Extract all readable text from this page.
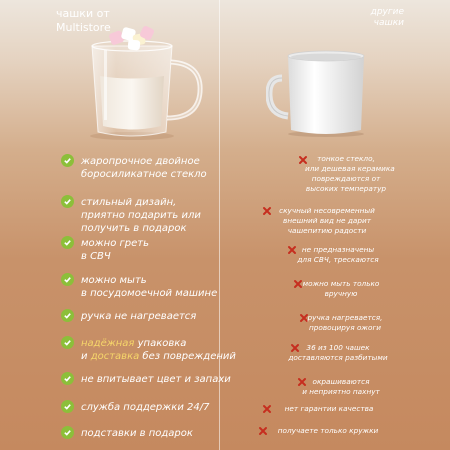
чашки от
Multistore
другие
чашки
жаропрочное двойное
боросиликатное стекло
стильный дизайн,
приятно подарить или
получить в подарок
можно греть
в СВЧ
можно мыть
в посудомоечной машине
ручка не нагревается
надёжная упаковка
и доставка без повреждений
не впитывает цвет и запахи
служба поддержки 24/7
подставки в подарок
тонкое стекло,
или дешевая керамика
повреждаются от
высоких температур
скучный несовременный
внешний вид не дарит
чашепитию радости
не предназначены
для СВЧ, трескаются
можно мыть только
вручную
ручка нагревается,
провоцируя ожоги
36 из 100 чашек
доставляются разбитыми
окрашиваются
и неприятно пахнут
нет гарантии качества
получаете только кружки
